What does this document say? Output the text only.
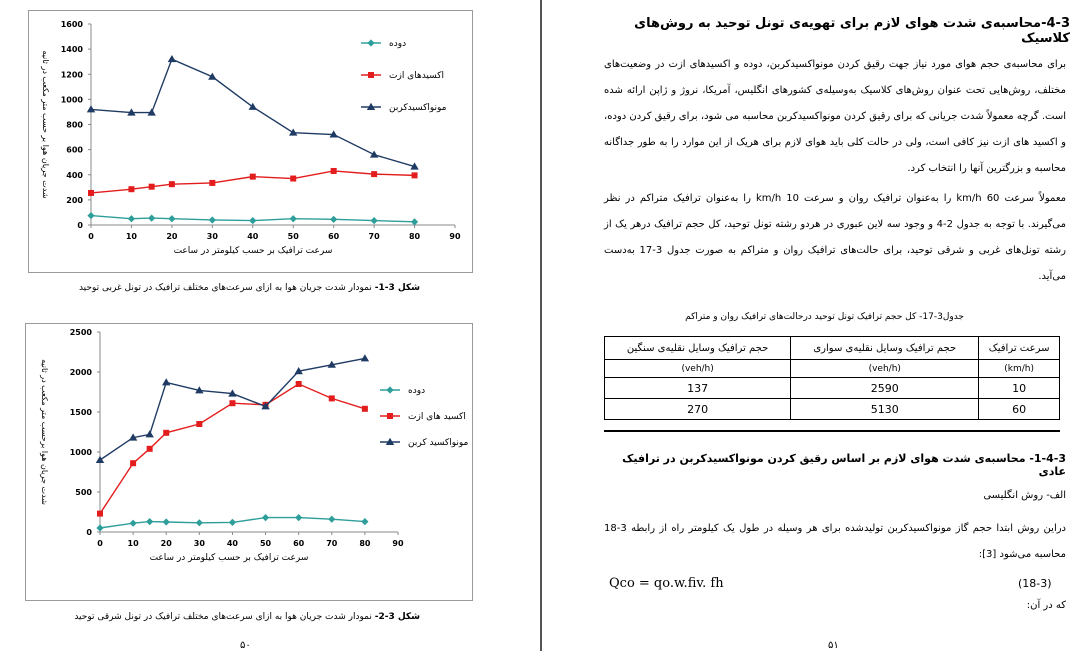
0	10	20	30	40	50	60	70	80	90
0
200
400
600
800
1000
1200
1400
1600
سرعت ترافیک بر حسب کیلومتر در ساعت
شدت جریان هوا بر حسب متر مکعب در ثانیه
دوده
اکسیدهای ازت
مونواکسیدکربن
شکل 3-1- نمودار شدت جریان هوا به ازای سرعت‌های مختلف ترافیک در تونل غربی توحید
0	10	20	30	40	50	60	70	80	90
0
500
1000
1500
2000
2500
سرعت ترافیک بر حسب کیلومتر در ساعت
شدت جریان هوا برحسب متر مکعب در ثانیه	دوده
اکسید های ازت
مونواکسید کربن
شکل 3-2- نمودار شدت جریان هوا به ازای سرعت‌های مختلف ترافیک در تونل شرقی توحید
۵۰
4-3-محاسبه‌ی شدت هوای لازم برای تهویه‌ی تونل توحید به روش‌های کلاسیک
برای محاسبه‌ی حجم هوای مورد نیاز جهت رقیق کردن مونواکسیدکربن، دوده و اکسیدهای ازت در وضعیت‌های مختلف، روش‌هایی تحت عنوان روش‌های کلاسیک به‌وسیله‌ی کشورهای انگلیس، آمریکا، نروژ و ژاپن ارائه شده است. گرچه معمولاً شدت جریانی که برای رقیق کردن مونواکسیدکربن محاسبه می شود، برای رقیق کردن دوده، و اکسید های ازت نیز کافی است، ولی در حالت کلی باید هوای لازم برای هریک از این موارد را به طور جداگانه محاسبه و بزرگترین آنها را انتخاب کرد.
معمولاً سرعت 60 km/h را به‌عنوان ترافیک روان و سرعت 10 km/h را به‌عنوان ترافیک متراکم در نظر می‌گیرند. با توجه به جدول 2-4 و وجود سه لاین عبوری در هردو رشته تونل توحید، کل حجم ترافیک درهر یک از رشته تونل‌های غربی و شرقی توحید، برای حالت‌های ترافیک روان و متراکم به صورت جدول 3-17 به‌دست می‌آید.
جدول3-17- کل حجم ترافیک تونل توحید درحالت‌های ترافیک روان و متراکم
سرعت ترافیک	حجم ترافیک وسایل نقلیه‌ی سواری	حجم ترافیک وسایل نقلیه‌ی سنگین
(km/h)	(veh/h)	(veh/h)
10	2590	137
60	5130	270
1-4-3- محاسبه‌ی شدت هوای لازم بر اساس رقیق کردن مونواکسیدکربن در ترافیک عادی
الف- روش انگلیسی
دراین روش ابتدا حجم گاز مونواکسیدکربن تولیدشده برای هر وسیله در طول یک کیلومتر راه از رابطه 3-18 محاسبه می‌شود [3]:
Qco = qo.w.fiv. fh	(18-3)
که در آن:
۵۱
